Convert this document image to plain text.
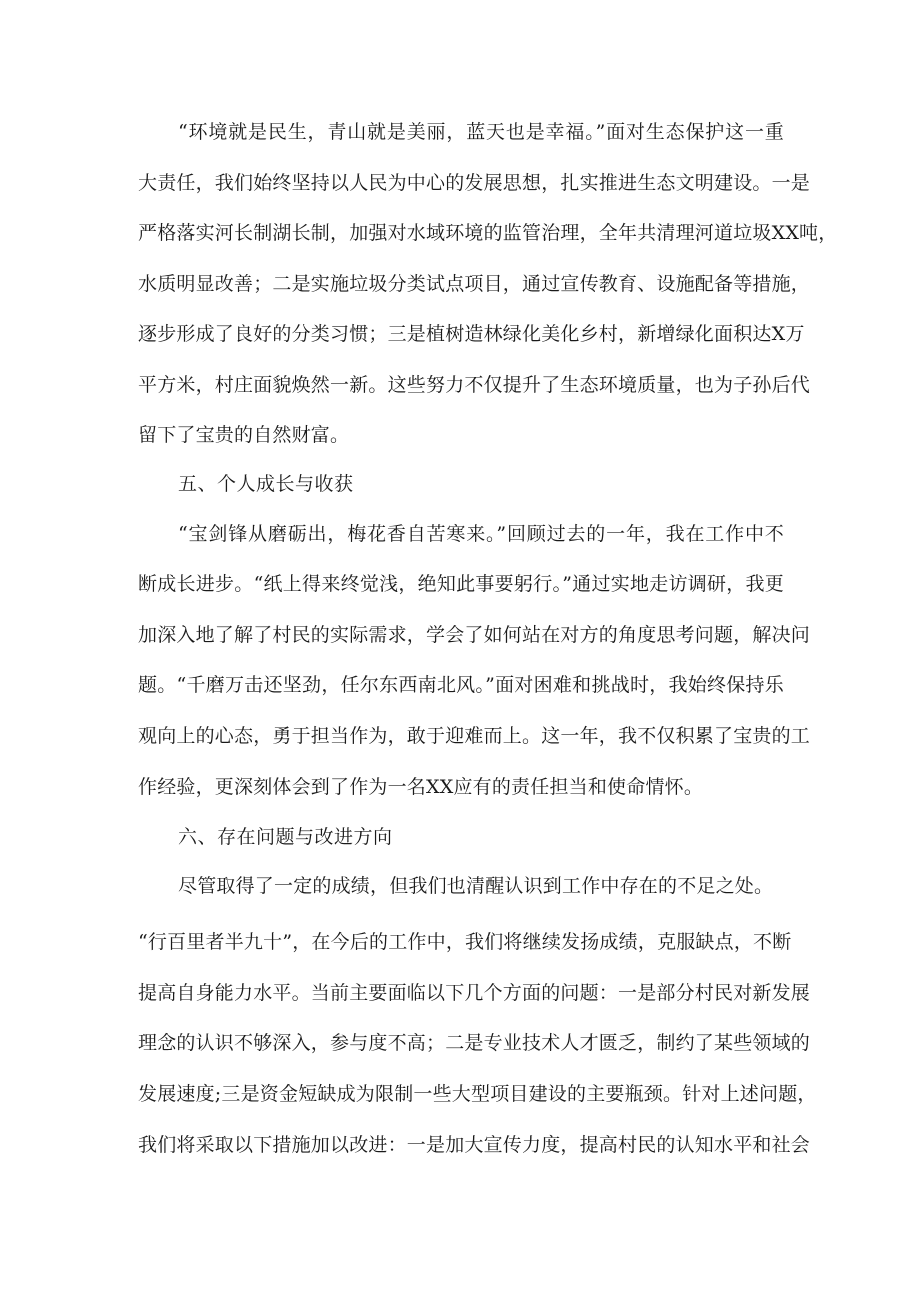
“环境就是民生，青山就是美丽，蓝天也是幸福。”面对生态保护这一重
大责任，我们始终坚持以人民为中心的发展思想，扎实推进生态文明建设。一是
严格落实河长制湖长制，加强对水域环境的监管治理，全年共清理河道垃圾XX吨，
水质明显改善；二是实施垃圾分类试点项目，通过宣传教育、设施配备等措施，
逐步形成了良好的分类习惯；三是植树造林绿化美化乡村，新增绿化面积达X万
平方米，村庄面貌焕然一新。这些努力不仅提升了生态环境质量，也为子孙后代
留下了宝贵的自然财富。
五、个人成长与收获
“宝剑锋从磨砺出，梅花香自苦寒来。”回顾过去的一年，我在工作中不
断成长进步。“纸上得来终觉浅，绝知此事要躬行。”通过实地走访调研，我更
加深入地了解了村民的实际需求，学会了如何站在对方的角度思考问题，解决问
题。“千磨万击还坚劲，任尔东西南北风。”面对困难和挑战时，我始终保持乐
观向上的心态，勇于担当作为，敢于迎难而上。这一年，我不仅积累了宝贵的工
作经验，更深刻体会到了作为一名XX应有的责任担当和使命情怀。
六、存在问题与改进方向
尽管取得了一定的成绩，但我们也清醒认识到工作中存在的不足之处。
“行百里者半九十”，在今后的工作中，我们将继续发扬成绩，克服缺点，不断
提高自身能力水平。当前主要面临以下几个方面的问题：一是部分村民对新发展
理念的认识不够深入，参与度不高；二是专业技术人才匮乏，制约了某些领域的
发展速度;三是资金短缺成为限制一些大型项目建设的主要瓶颈。针对上述问题，
我们将采取以下措施加以改进：一是加大宣传力度，提高村民的认知水平和社会
